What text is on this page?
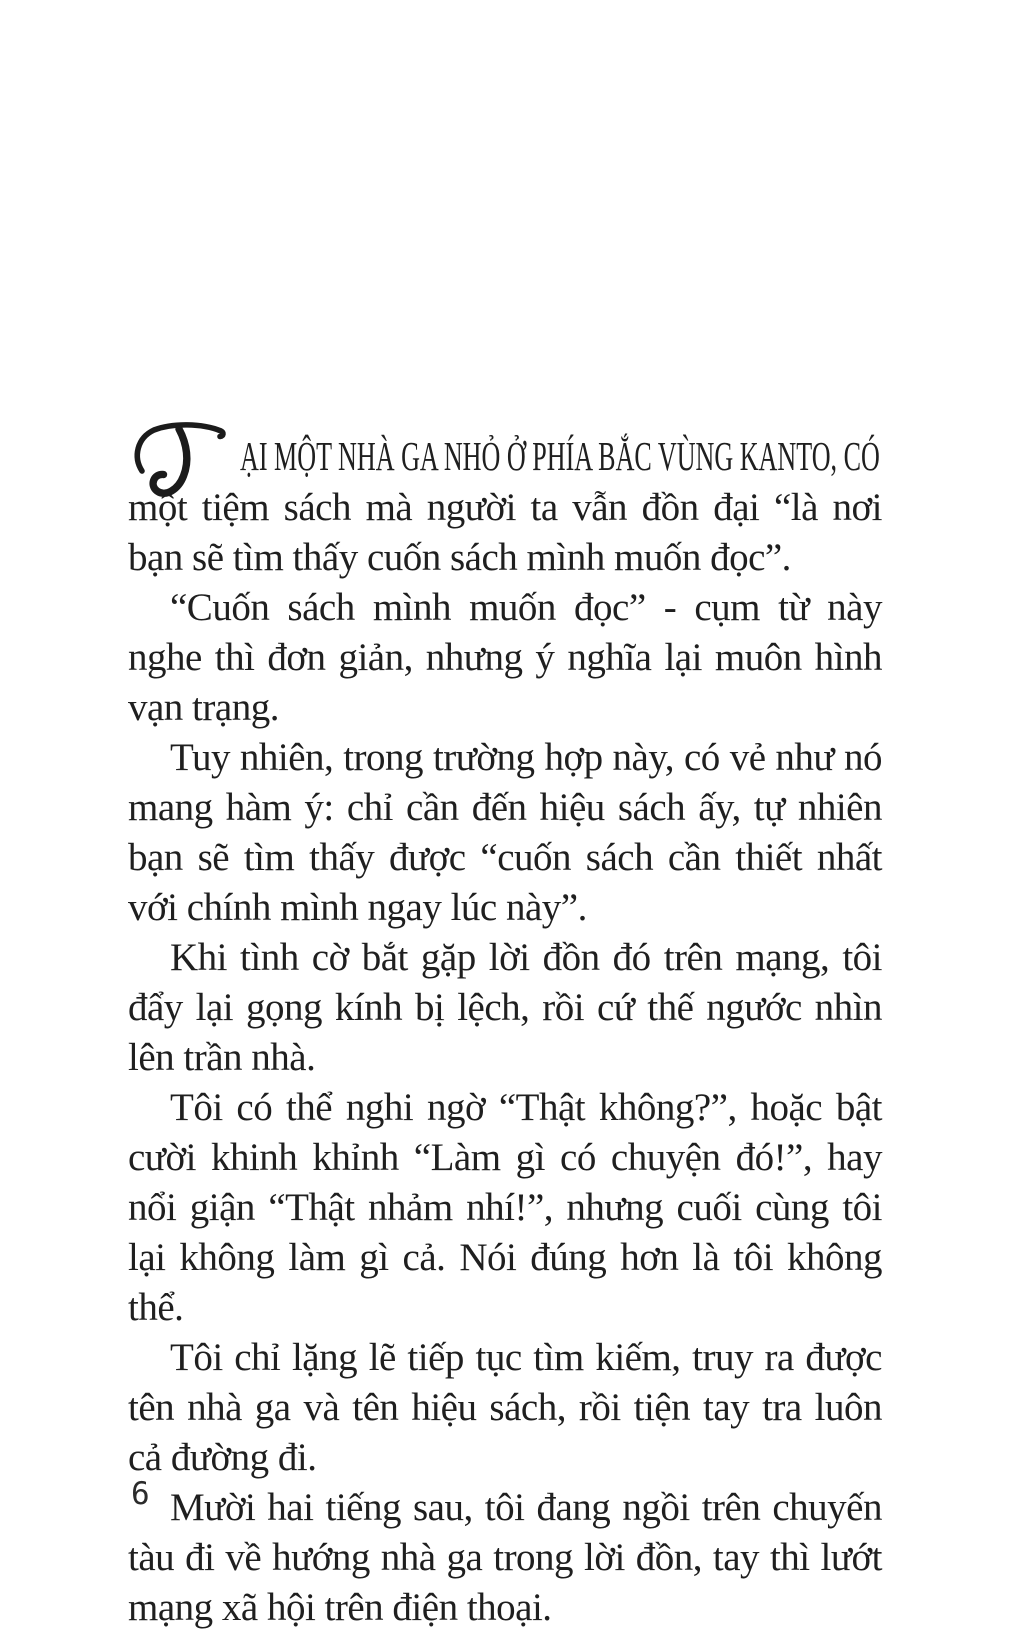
ẠI MỘT NHÀ GA NHỎ Ở PHÍA BẮC VÙNG KANTO, CÓ một tiệm sách mà người ta vẫn đồn đại “là nơi bạn sẽ tìm thấy cuốn sách mình muốn đọc”.

“Cuốn sách mình muốn đọc” - cụm từ này nghe thì đơn giản, nhưng ý nghĩa lại muôn hình vạn trạng.

Tuy nhiên, trong trường hợp này, có vẻ như nó mang hàm ý: chỉ cần đến hiệu sách ấy, tự nhiên bạn sẽ tìm thấy được “cuốn sách cần thiết nhất với chính mình ngay lúc này”.

Khi tình cờ bắt gặp lời đồn đó trên mạng, tôi đẩy lại gọng kính bị lệch, rồi cứ thế ngước nhìn lên trần nhà.

Tôi có thể nghi ngờ “Thật không?”, hoặc bật cười khinh khỉnh “Làm gì có chuyện đó!”, hay nổi giận “Thật nhảm nhí!”, nhưng cuối cùng tôi lại không làm gì cả. Nói đúng hơn là tôi không thể.

Tôi chỉ lặng lẽ tiếp tục tìm kiếm, truy ra được tên nhà ga và tên hiệu sách, rồi tiện tay tra luôn cả đường đi.

Mười hai tiếng sau, tôi đang ngồi trên chuyến tàu đi về hướng nhà ga trong lời đồn, tay thì lướt mạng xã hội trên điện thoại.

6
